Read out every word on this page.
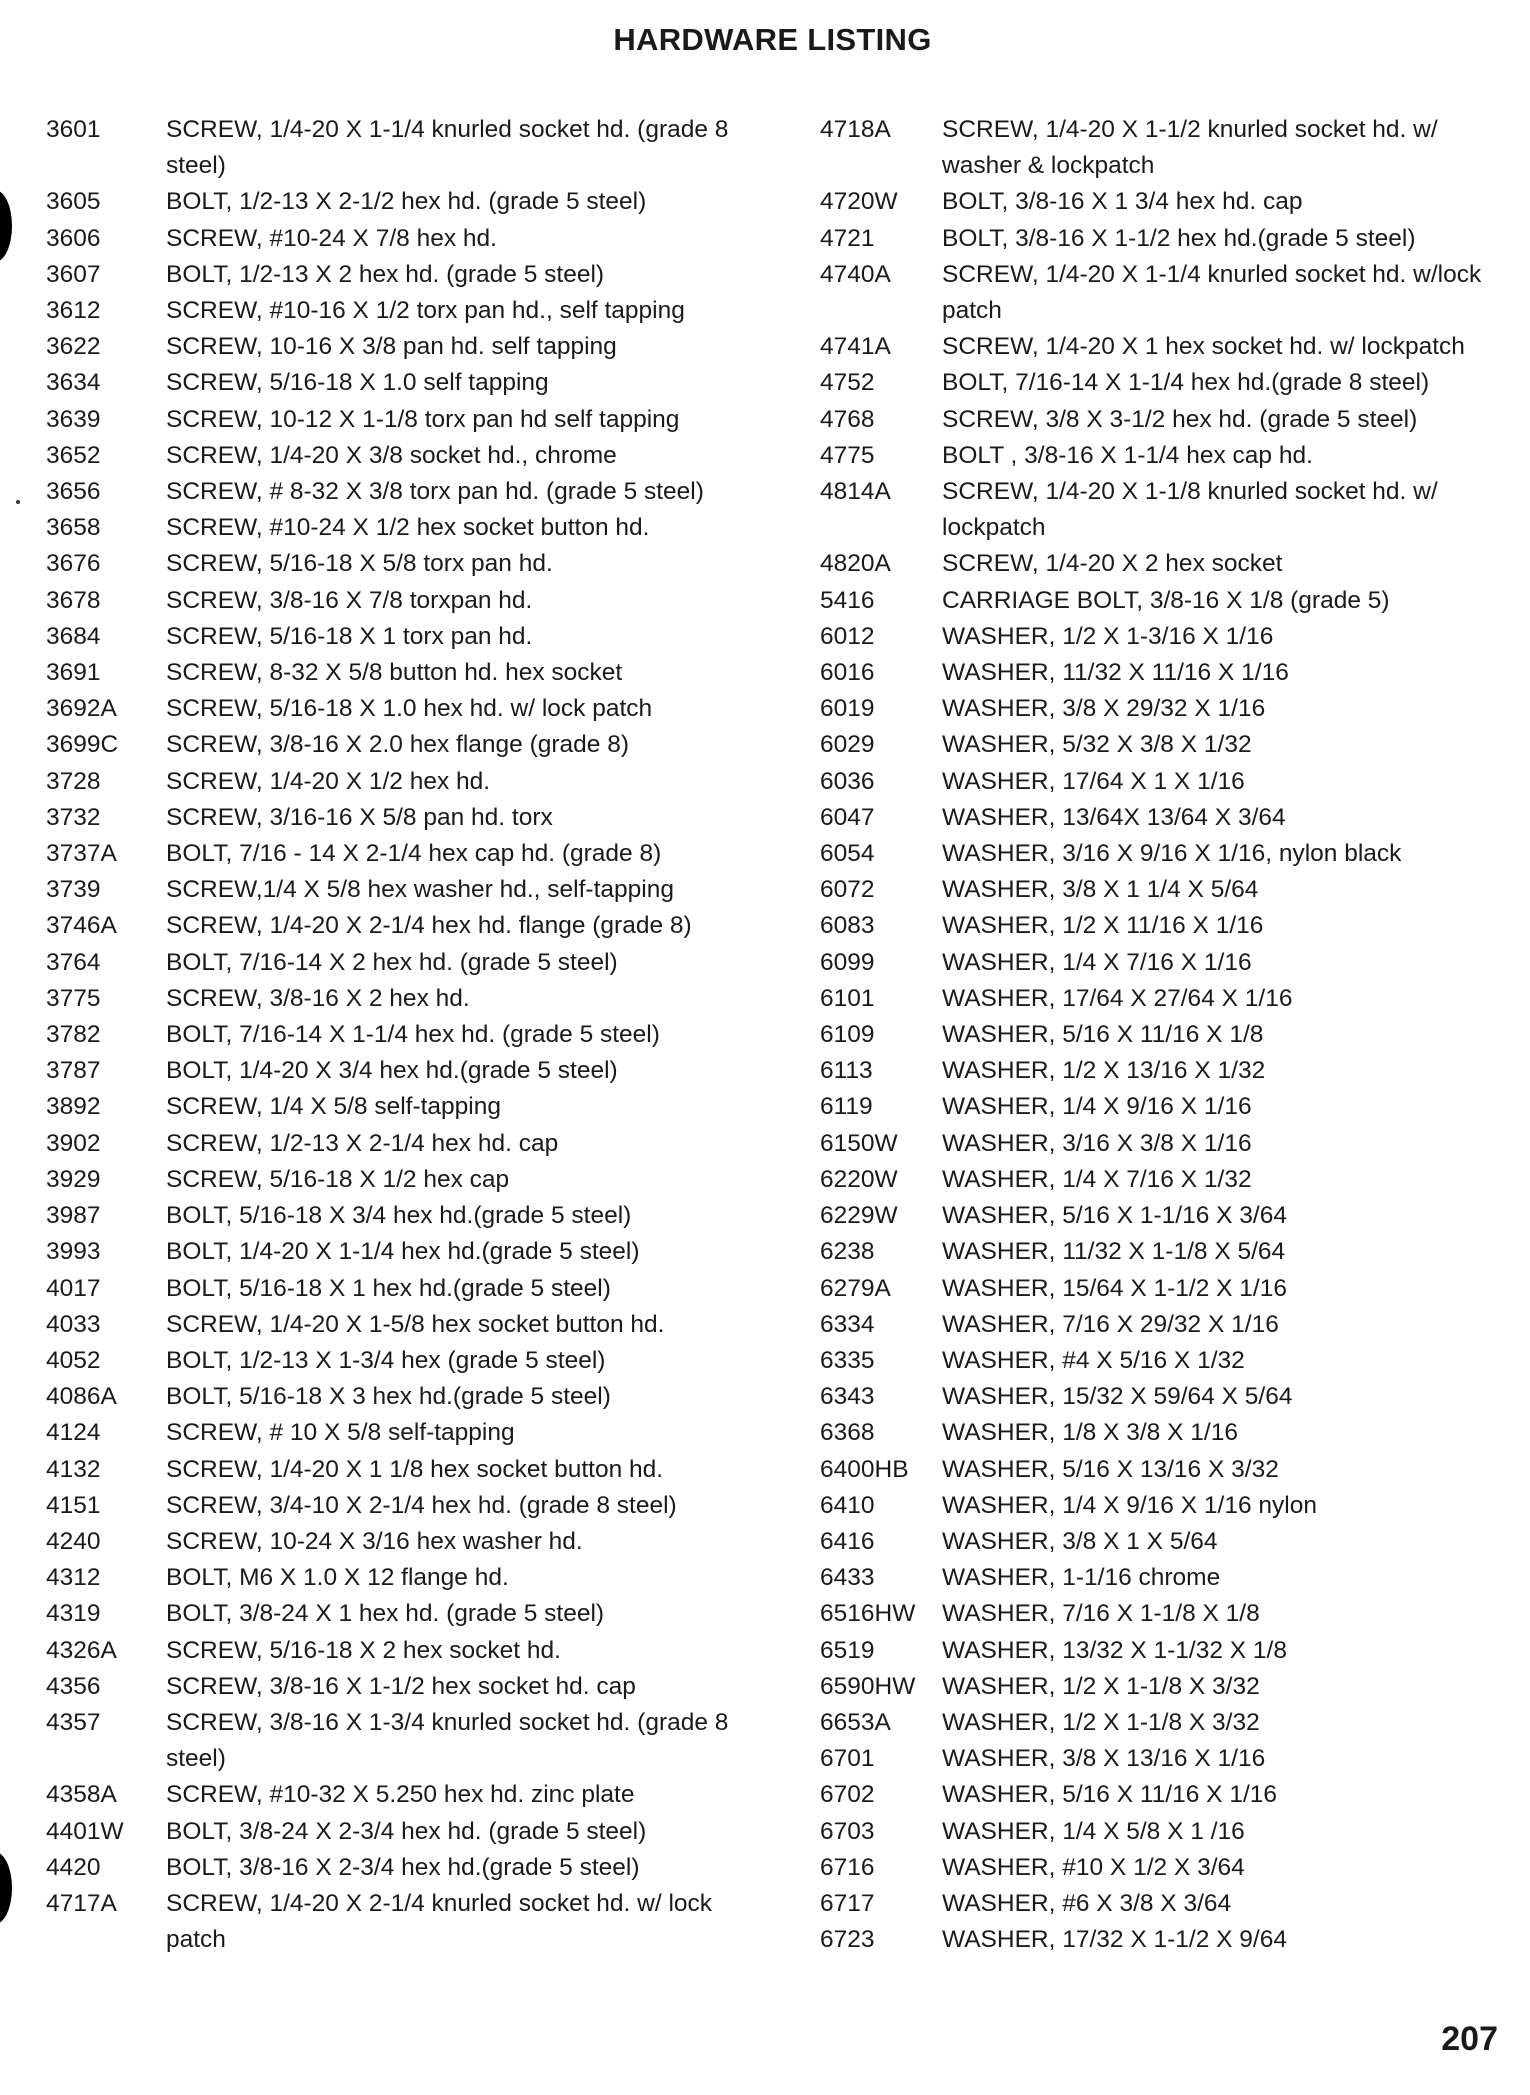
HARDWARE LISTING
3601	SCREW, 1/4-20 X 1-1/4 knurled socket hd. (grade 8 steel)
3605	BOLT, 1/2-13 X 2-1/2 hex hd. (grade 5 steel)
3606	SCREW, #10-24 X 7/8 hex hd.
3607	BOLT, 1/2-13 X 2 hex hd. (grade 5 steel)
3612	SCREW, #10-16 X 1/2 torx pan hd., self tapping
3622	SCREW, 10-16 X 3/8 pan hd. self tapping
3634	SCREW, 5/16-18 X 1.0 self tapping
3639	SCREW, 10-12 X 1-1/8 torx pan hd self tapping
3652	SCREW, 1/4-20 X 3/8 socket hd., chrome
3656	SCREW, # 8-32 X 3/8 torx pan hd. (grade 5 steel)
3658	SCREW, #10-24 X 1/2 hex socket button hd.
3676	SCREW, 5/16-18 X 5/8 torx pan hd.
3678	SCREW, 3/8-16 X 7/8 torxpan hd.
3684	SCREW, 5/16-18 X 1 torx pan hd.
3691	SCREW, 8-32 X 5/8 button hd. hex socket
3692A	SCREW, 5/16-18 X 1.0 hex hd. w/ lock patch
3699C	SCREW, 3/8-16 X 2.0 hex flange (grade 8)
3728	SCREW, 1/4-20 X 1/2 hex hd.
3732	SCREW, 3/16-16 X 5/8 pan hd. torx
3737A	BOLT, 7/16 - 14 X 2-1/4 hex cap hd. (grade 8)
3739	SCREW,1/4 X 5/8 hex washer hd., self-tapping
3746A	SCREW, 1/4-20 X 2-1/4 hex hd. flange (grade 8)
3764	BOLT, 7/16-14 X 2 hex hd. (grade 5 steel)
3775	SCREW, 3/8-16 X 2 hex hd.
3782	BOLT, 7/16-14 X 1-1/4 hex hd. (grade 5 steel)
3787	BOLT, 1/4-20 X 3/4 hex hd.(grade 5 steel)
3892	SCREW, 1/4 X 5/8 self-tapping
3902	SCREW, 1/2-13 X 2-1/4 hex hd. cap
3929	SCREW, 5/16-18 X 1/2 hex cap
3987	BOLT, 5/16-18 X 3/4 hex hd.(grade 5 steel)
3993	BOLT, 1/4-20 X 1-1/4 hex hd.(grade 5 steel)
4017	BOLT, 5/16-18 X 1 hex hd.(grade 5 steel)
4033	SCREW, 1/4-20 X 1-5/8 hex socket button hd.
4052	BOLT, 1/2-13 X 1-3/4 hex (grade 5 steel)
4086A	BOLT, 5/16-18 X 3 hex hd.(grade 5 steel)
4124	SCREW, # 10 X 5/8 self-tapping
4132	SCREW, 1/4-20 X 1 1/8 hex socket button hd.
4151	SCREW, 3/4-10 X 2-1/4 hex hd. (grade 8 steel)
4240	SCREW, 10-24 X 3/16 hex washer hd.
4312	BOLT, M6 X 1.0 X 12 flange hd.
4319	BOLT, 3/8-24 X 1 hex hd. (grade 5 steel)
4326A	SCREW, 5/16-18 X 2 hex socket hd.
4356	SCREW, 3/8-16 X 1-1/2 hex socket hd. cap
4357	SCREW, 3/8-16 X 1-3/4 knurled socket hd. (grade 8 steel)
4358A	SCREW, #10-32 X 5.250 hex hd. zinc plate
4401W	BOLT, 3/8-24 X 2-3/4 hex hd. (grade 5 steel)
4420	BOLT, 3/8-16 X 2-3/4 hex hd.(grade 5 steel)
4717A	SCREW, 1/4-20 X 2-1/4 knurled socket hd. w/ lock patch
4718A	SCREW, 1/4-20 X 1-1/2 knurled socket hd. w/ washer & lockpatch
4720W	BOLT, 3/8-16 X 1 3/4 hex hd. cap
4721	BOLT, 3/8-16 X 1-1/2 hex hd.(grade 5 steel)
4740A	SCREW, 1/4-20 X 1-1/4 knurled socket hd. w/lock patch
4741A	SCREW, 1/4-20 X 1 hex socket hd. w/ lockpatch
4752	BOLT, 7/16-14 X 1-1/4 hex hd.(grade 8 steel)
4768	SCREW, 3/8 X 3-1/2 hex hd. (grade 5 steel)
4775	BOLT , 3/8-16 X 1-1/4 hex cap hd.
4814A	SCREW, 1/4-20 X 1-1/8 knurled socket hd. w/ lockpatch
4820A	SCREW, 1/4-20 X 2 hex socket
5416	CARRIAGE BOLT, 3/8-16 X 1/8 (grade 5)
6012	WASHER, 1/2 X 1-3/16 X 1/16
6016	WASHER, 11/32 X 11/16 X 1/16
6019	WASHER, 3/8 X 29/32 X 1/16
6029	WASHER, 5/32 X 3/8 X 1/32
6036	WASHER, 17/64 X 1 X 1/16
6047	WASHER, 13/64X 13/64 X 3/64
6054	WASHER, 3/16 X 9/16 X 1/16, nylon black
6072	WASHER, 3/8 X 1 1/4 X 5/64
6083	WASHER, 1/2 X 11/16 X 1/16
6099	WASHER, 1/4 X 7/16 X 1/16
6101	WASHER, 17/64 X 27/64 X 1/16
6109	WASHER, 5/16 X 11/16 X 1/8
6113	WASHER, 1/2 X 13/16 X 1/32
6119	WASHER, 1/4 X 9/16 X 1/16
6150W	WASHER, 3/16 X 3/8 X 1/16
6220W	WASHER, 1/4 X 7/16 X 1/32
6229W	WASHER, 5/16 X 1-1/16 X 3/64
6238	WASHER, 11/32 X 1-1/8 X 5/64
6279A	WASHER, 15/64 X 1-1/2 X 1/16
6334	WASHER, 7/16 X 29/32 X 1/16
6335	WASHER, #4 X 5/16 X 1/32
6343	WASHER, 15/32 X 59/64 X 5/64
6368	WASHER, 1/8 X 3/8 X 1/16
6400HB	WASHER, 5/16 X 13/16 X 3/32
6410	WASHER, 1/4 X 9/16 X 1/16 nylon
6416	WASHER, 3/8 X 1 X 5/64
6433	WASHER, 1-1/16 chrome
6516HW	WASHER, 7/16 X 1-1/8 X 1/8
6519	WASHER, 13/32 X 1-1/32 X 1/8
6590HW	WASHER, 1/2 X 1-1/8 X 3/32
6653A	WASHER, 1/2 X 1-1/8 X 3/32
6701	WASHER, 3/8 X 13/16 X 1/16
6702	WASHER, 5/16 X 11/16 X 1/16
6703	WASHER, 1/4 X 5/8 X 1 /16
6716	WASHER, #10 X 1/2 X 3/64
6717	WASHER, #6 X 3/8 X 3/64
6723	WASHER, 17/32 X 1-1/2 X 9/64
207
